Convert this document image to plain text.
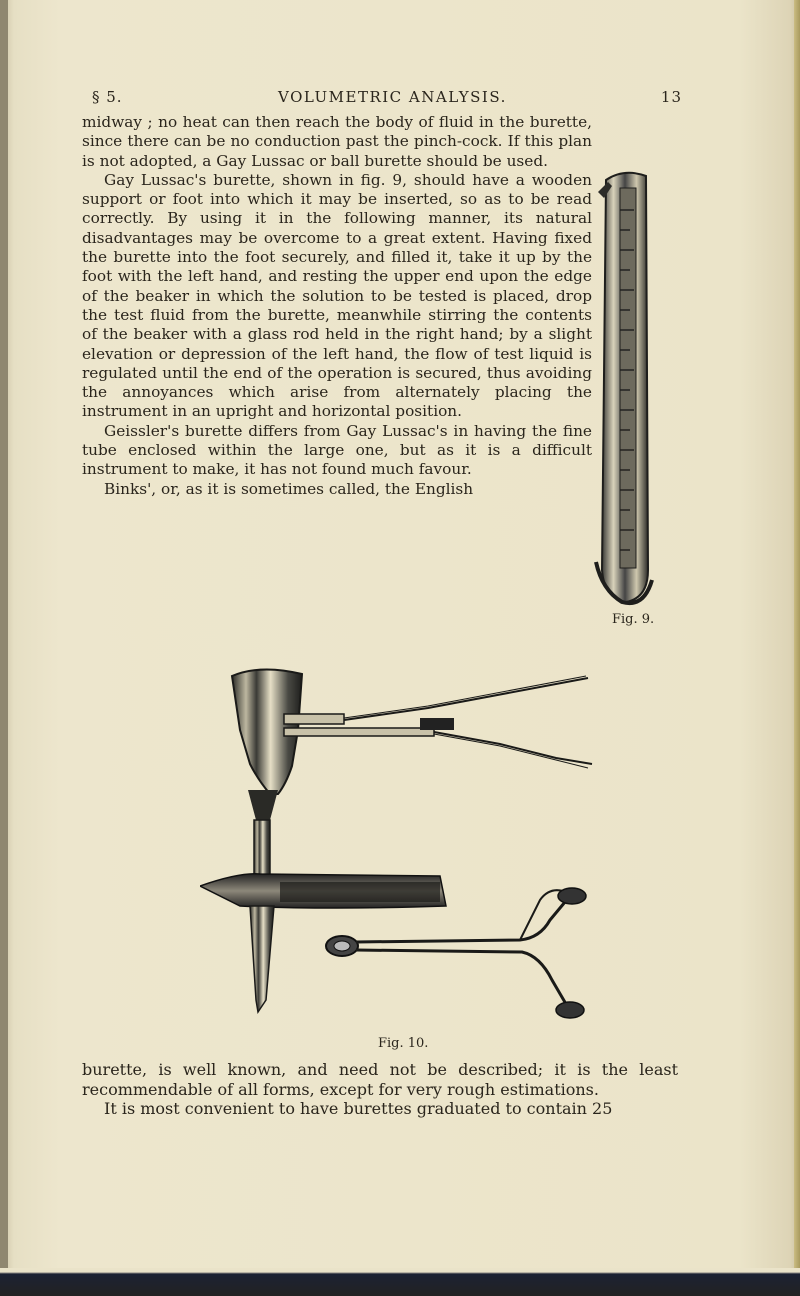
§ 5.	VOLUMETRIC ANALYSIS.	13

midway ; no heat can then reach the body of fluid in the burette, since there can be no conduction past the pinch-cock. If this plan is not adopted, a Gay Lussac or ball burette should be used.

Gay Lussac's burette, shown in fig. 9, should have a wooden support or foot into which it may be inserted, so as to be read correctly. By using it in the following manner, its natural disadvantages may be overcome to a great extent. Having fixed the burette into the foot securely, and filled it, take it up by the foot with the left hand, and resting the upper end upon the edge of the beaker in which the solution to be tested is placed, drop the test fluid from the burette, meanwhile stirring the contents of the beaker with a glass rod held in the right hand; by a slight elevation or depression of the left hand, the flow of test liquid is regulated until the end of the operation is secured, thus avoiding the annoyances which arise from alternately placing the instrument in an upright and horizontal position.

Geissler's burette differs from Gay Lussac's in having the fine tube enclosed within the large one, but as it is a difficult instrument to make, it has not found much favour.

Binks', or, as it is sometimes called, the English

Fig. 9.
Fig. 10.

burette, is well known, and need not be described; it is the least recommendable of all forms, except for very rough estimations.

It is most convenient to have burettes graduated to contain 25
